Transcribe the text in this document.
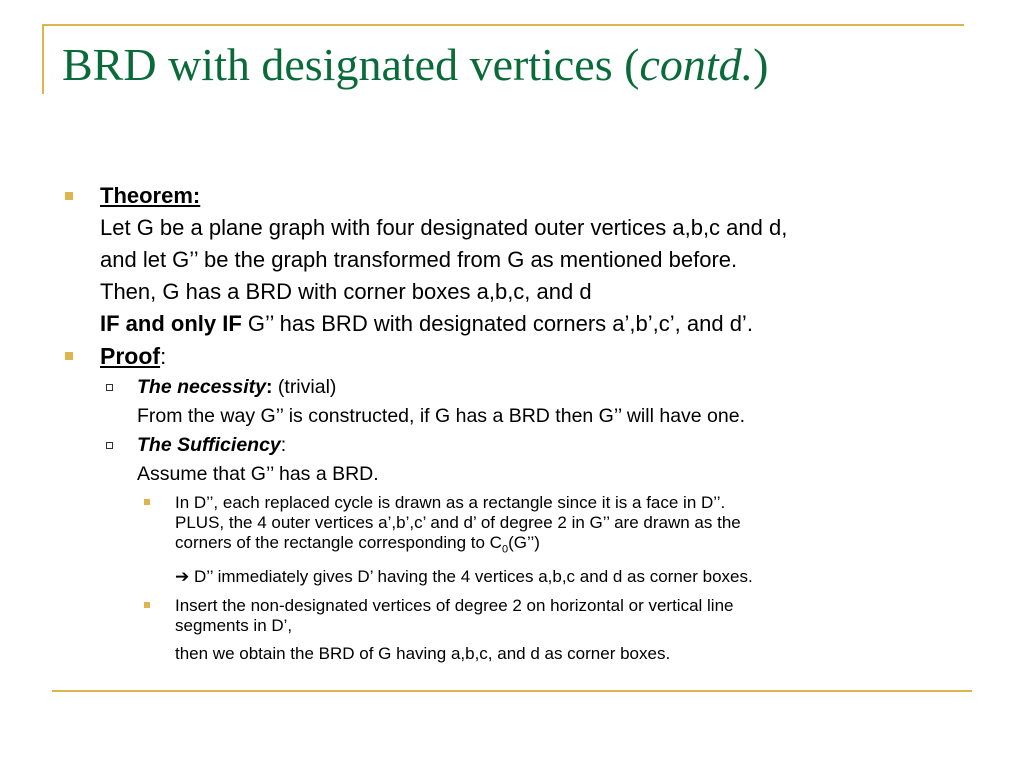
BRD with designated vertices (contd.)
Theorem:
Let G be a plane graph with four designated outer vertices a,b,c and d,
and let G’’ be the graph transformed from G as mentioned before.
Then, G has a BRD with corner boxes a,b,c, and d
IF and only IF G’’ has BRD with designated corners a’,b’,c’, and d’.
Proof:
The necessity: (trivial)
From the way G’’ is constructed, if G has a BRD then G’’ will have one.
The Sufficiency:
Assume that G’’ has a BRD.
In D’’, each replaced cycle is drawn as a rectangle since it is a face in D’’.
PLUS, the 4 outer vertices a’,b’,c’ and d’ of degree 2 in G’’ are drawn as the
corners of the rectangle corresponding to $C_0(G’’)$
➔ D’’ immediately gives D’ having the 4 vertices a,b,c and d as corner boxes.
Insert the non-designated vertices of degree 2 on horizontal or vertical line
segments in D’,
then we obtain the BRD of G having a,b,c, and d as corner boxes.
